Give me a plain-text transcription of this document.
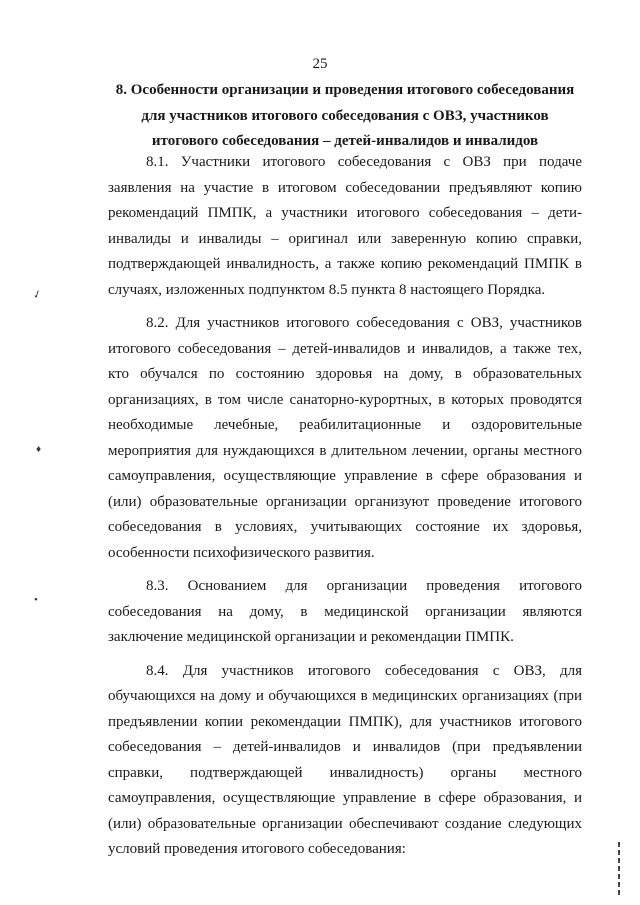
25
8. Особенности организации и проведения итогового собеседования для участников итогового собеседования с ОВЗ, участников итогового собеседования – детей-инвалидов и инвалидов

8.1. Участники итогового собеседования с ОВЗ при подаче заявления на участие в итоговом собеседовании предъявляют копию рекомендаций ПМПК, а участники итогового собеседования – дети-инвалиды и инвалиды – оригинал или заверенную копию справки, подтверждающей инвалидность, а также копию рекомендаций ПМПК в случаях, изложенных подпунктом 8.5 пункта 8 настоящего Порядка.

8.2. Для участников итогового собеседования с ОВЗ, участников итогового собеседования – детей-инвалидов и инвалидов, а также тех, кто обучался по состоянию здоровья на дому, в образовательных организациях, в том числе санаторно-курортных, в которых проводятся необходимые лечебные, реабилитационные и оздоровительные мероприятия для нуждающихся в длительном лечении, органы местного самоуправления, осуществляющие управление в сфере образования и (или) образовательные организации организуют проведение итогового собеседования в условиях, учитывающих состояние их здоровья, особенности психофизического развития.

8.3. Основанием для организации проведения итогового собеседования на дому, в медицинской организации являются заключение медицинской организации и рекомендации ПМПК.

8.4. Для участников итогового собеседования с ОВЗ, для обучающихся на дому и обучающихся в медицинских организациях (при предъявлении копии рекомендации ПМПК), для участников итогового собеседования – детей-инвалидов и инвалидов (при предъявлении справки, подтверждающей инвалидность) органы местного самоуправления, осуществляющие управление в сфере образования, и (или) образовательные организации обеспечивают создание следующих условий проведения итогового собеседования:

✓
♦
•
